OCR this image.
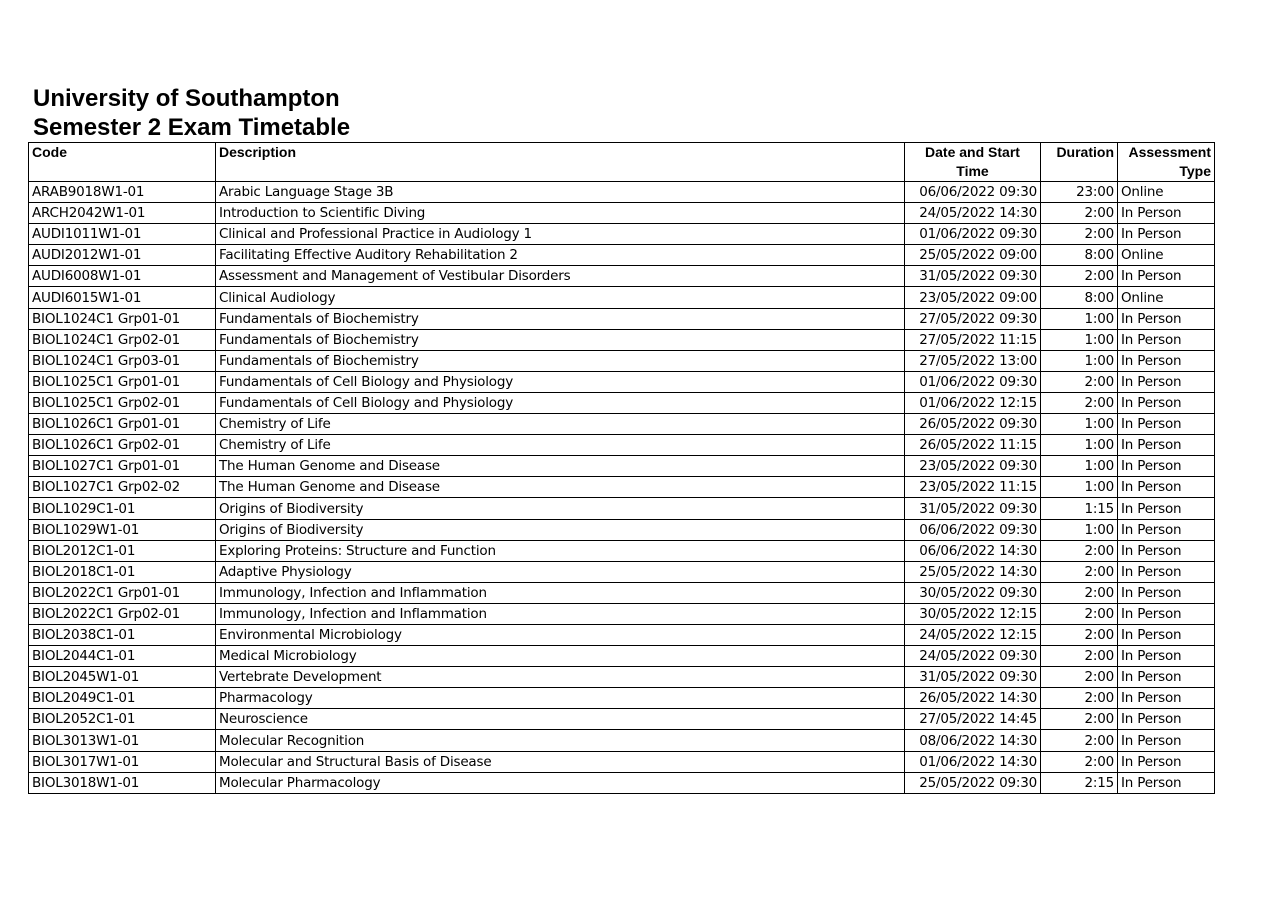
University of Southampton
Semester 2 Exam Timetable
Code	Description	Date and Start Time	Duration	Assessment Type
ARAB9018W1-01	Arabic Language Stage 3B	06/06/2022 09:30	23:00	Online
ARCH2042W1-01	Introduction to Scientific Diving	24/05/2022 14:30	2:00	In Person
AUDI1011W1-01	Clinical and Professional Practice in Audiology 1	01/06/2022 09:30	2:00	In Person
AUDI2012W1-01	Facilitating Effective Auditory Rehabilitation 2	25/05/2022 09:00	8:00	Online
AUDI6008W1-01	Assessment and Management of Vestibular Disorders	31/05/2022 09:30	2:00	In Person
AUDI6015W1-01	Clinical Audiology	23/05/2022 09:00	8:00	Online
BIOL1024C1 Grp01-01	Fundamentals of Biochemistry	27/05/2022 09:30	1:00	In Person
BIOL1024C1 Grp02-01	Fundamentals of Biochemistry	27/05/2022 11:15	1:00	In Person
BIOL1024C1 Grp03-01	Fundamentals of Biochemistry	27/05/2022 13:00	1:00	In Person
BIOL1025C1 Grp01-01	Fundamentals of Cell Biology and Physiology	01/06/2022 09:30	2:00	In Person
BIOL1025C1 Grp02-01	Fundamentals of Cell Biology and Physiology	01/06/2022 12:15	2:00	In Person
BIOL1026C1 Grp01-01	Chemistry of Life	26/05/2022 09:30	1:00	In Person
BIOL1026C1 Grp02-01	Chemistry of Life	26/05/2022 11:15	1:00	In Person
BIOL1027C1 Grp01-01	The Human Genome and Disease	23/05/2022 09:30	1:00	In Person
BIOL1027C1 Grp02-02	The Human Genome and Disease	23/05/2022 11:15	1:00	In Person
BIOL1029C1-01	Origins of Biodiversity	31/05/2022 09:30	1:15	In Person
BIOL1029W1-01	Origins of Biodiversity	06/06/2022 09:30	1:00	In Person
BIOL2012C1-01	Exploring Proteins: Structure and Function	06/06/2022 14:30	2:00	In Person
BIOL2018C1-01	Adaptive Physiology	25/05/2022 14:30	2:00	In Person
BIOL2022C1 Grp01-01	Immunology, Infection and Inflammation	30/05/2022 09:30	2:00	In Person
BIOL2022C1 Grp02-01	Immunology, Infection and Inflammation	30/05/2022 12:15	2:00	In Person
BIOL2038C1-01	Environmental Microbiology	24/05/2022 12:15	2:00	In Person
BIOL2044C1-01	Medical Microbiology	24/05/2022 09:30	2:00	In Person
BIOL2045W1-01	Vertebrate Development	31/05/2022 09:30	2:00	In Person
BIOL2049C1-01	Pharmacology	26/05/2022 14:30	2:00	In Person
BIOL2052C1-01	Neuroscience	27/05/2022 14:45	2:00	In Person
BIOL3013W1-01	Molecular Recognition	08/06/2022 14:30	2:00	In Person
BIOL3017W1-01	Molecular and Structural Basis of Disease	01/06/2022 14:30	2:00	In Person
BIOL3018W1-01	Molecular Pharmacology	25/05/2022 09:30	2:15	In Person
